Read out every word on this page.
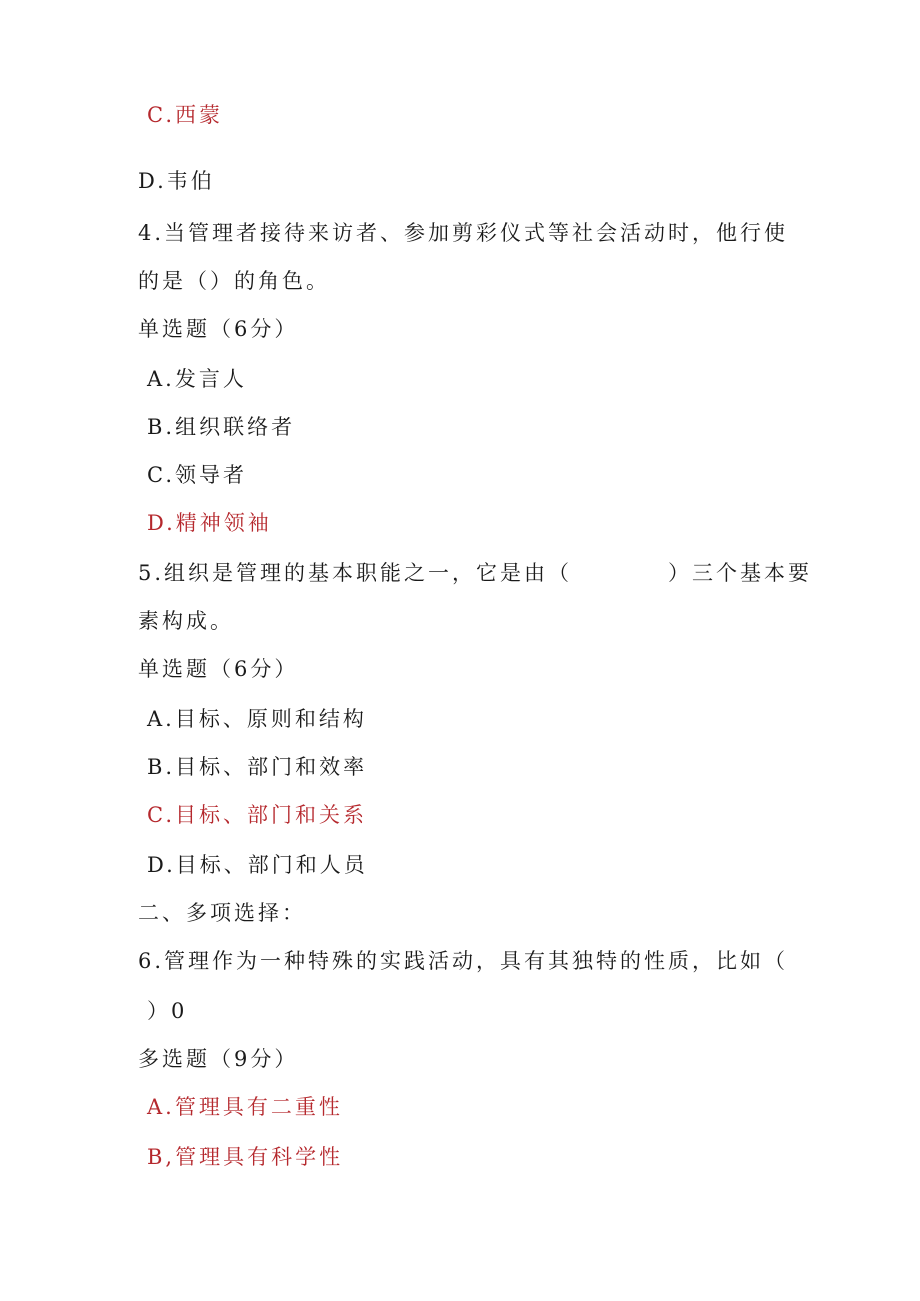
C.西蒙

D.韦伯

4.当管理者接待来访者、参加剪彩仪式等社会活动时，他行使

的是（）的角色。

单选题（6分）

A.发言人

B.组织联络者

C.领导者

D.精神领袖

5.组织是管理的基本职能之一，它是由（　　　　）三个基本要

素构成。

单选题（6分）

A.目标、原则和结构

B.目标、部门和效率

C.目标、部门和关系

D.目标、部门和人员

二、多项选择：

6.管理作为一种特殊的实践活动，具有其独特的性质，比如（

）0

多选题（9分）

A.管理具有二重性

B,管理具有科学性
